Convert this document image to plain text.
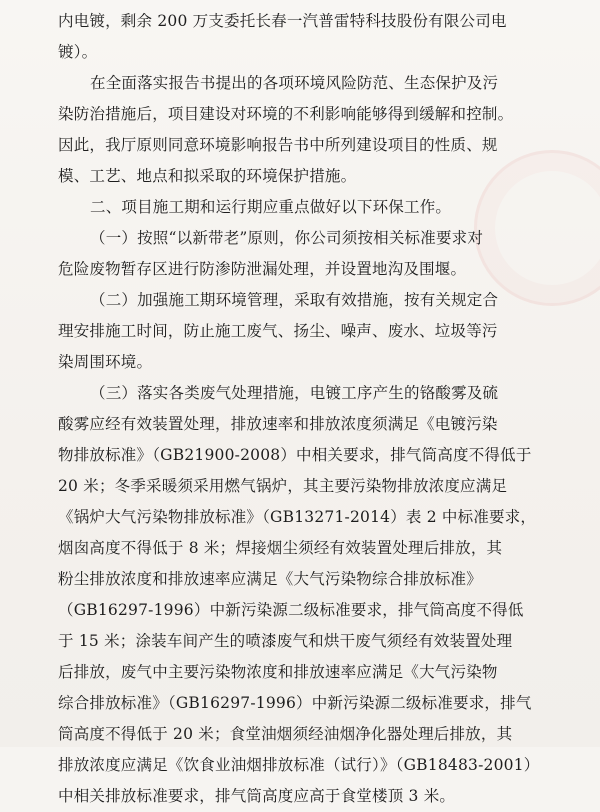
内电镀，剩余 200 万支委托长春一汽普雷特科技股份有限公司电
镀）。
在全面落实报告书提出的各项环境风险防范、生态保护及污
染防治措施后，项目建设对环境的不利影响能够得到缓解和控制。
因此，我厅原则同意环境影响报告书中所列建设项目的性质、规
模、工艺、地点和拟采取的环境保护措施。
二、项目施工期和运行期应重点做好以下环保工作。
（一）按照“以新带老”原则，你公司须按相关标准要求对
危险废物暂存区进行防渗防泄漏处理，并设置地沟及围堰。
（二）加强施工期环境管理，采取有效措施，按有关规定合
理安排施工时间，防止施工废气、扬尘、噪声、废水、垃圾等污
染周围环境。
（三）落实各类废气处理措施，电镀工序产生的铬酸雾及硫
酸雾应经有效装置处理，排放速率和排放浓度须满足《电镀污染
物排放标准》（GB21900-2008）中相关要求，排气筒高度不得低于
20 米；冬季采暖须采用燃气锅炉，其主要污染物排放浓度应满足
《锅炉大气污染物排放标准》（GB13271-2014）表 2 中标准要求，
烟囱高度不得低于 8 米；焊接烟尘须经有效装置处理后排放，其
粉尘排放浓度和排放速率应满足《大气污染物综合排放标准》
（GB16297-1996）中新污染源二级标准要求，排气筒高度不得低
于 15 米；涂装车间产生的喷漆废气和烘干废气须经有效装置处理
后排放，废气中主要污染物浓度和排放速率应满足《大气污染物
综合排放标准》（GB16297-1996）中新污染源二级标准要求，排气
筒高度不得低于 20 米；食堂油烟须经油烟净化器处理后排放，其
排放浓度应满足《饮食业油烟排放标准（试行）》（GB18483-2001）
中相关排放标准要求，排气筒高度应高于食堂楼顶 3 米。
